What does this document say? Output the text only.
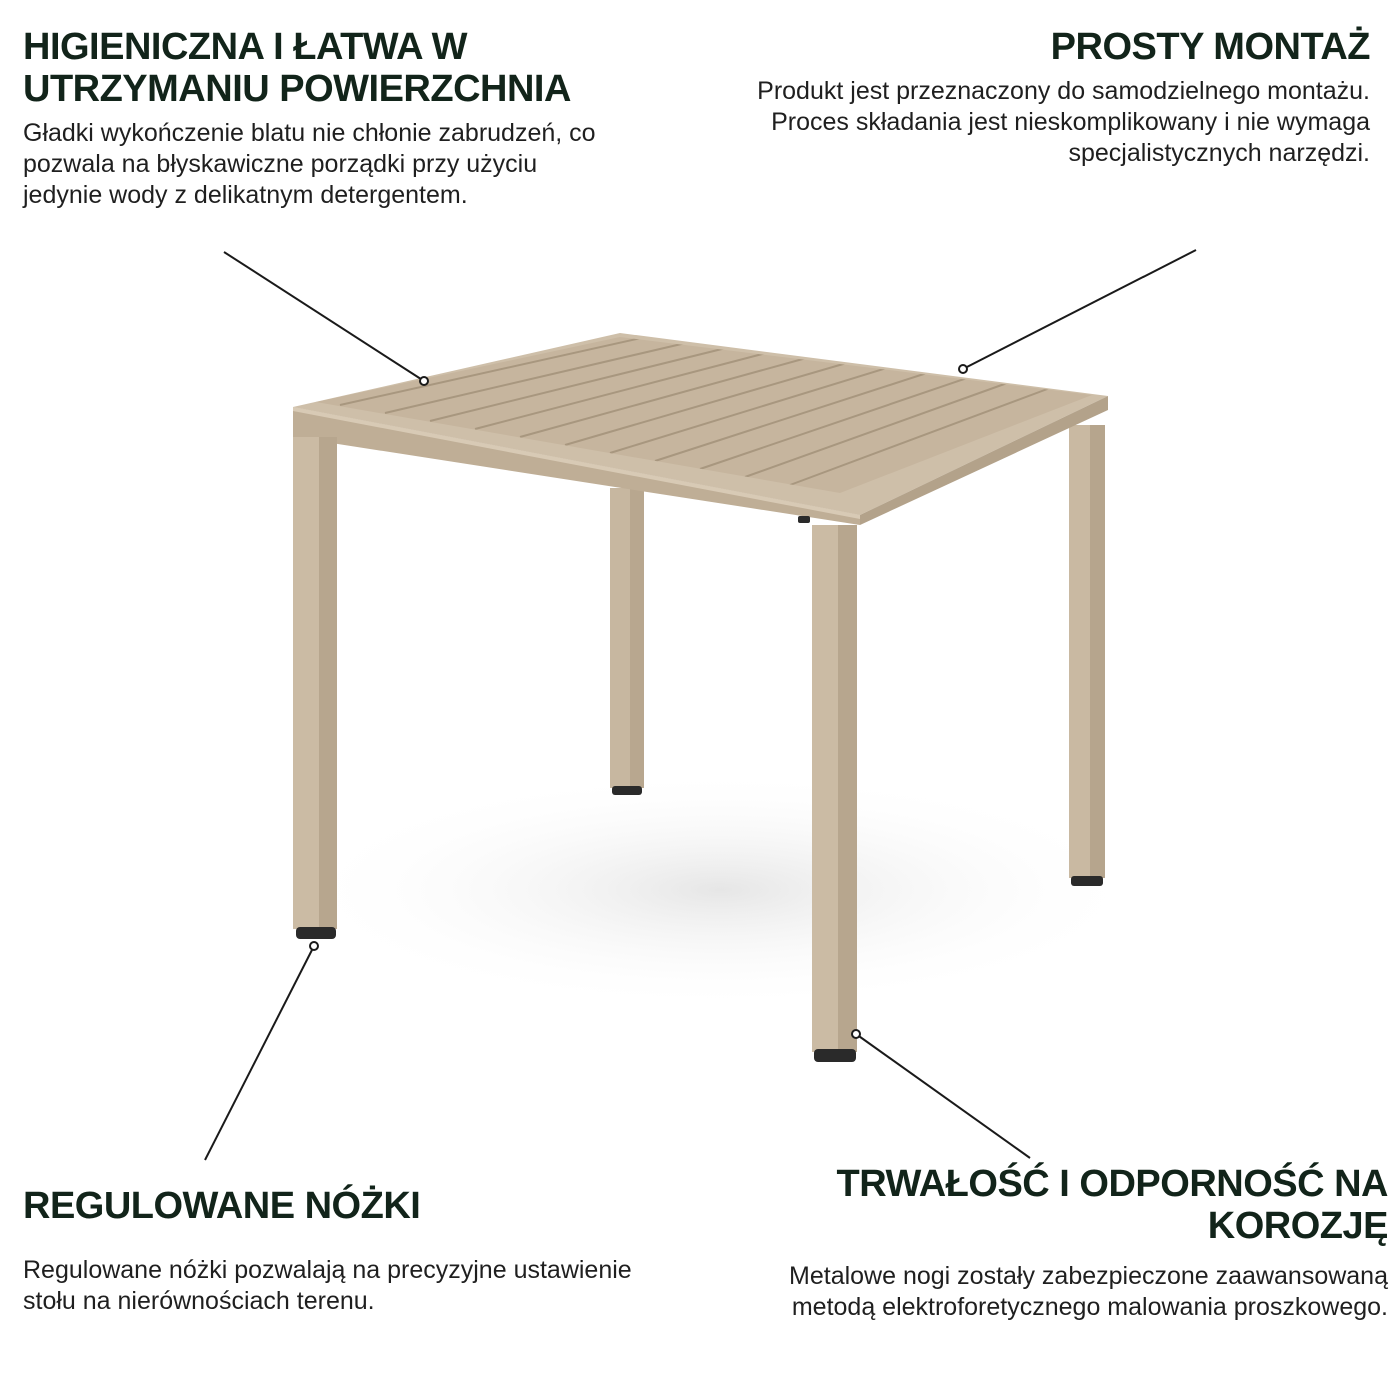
HIGIENICZNA I ŁATWA W UTRZYMANIU POWIERZCHNIA

Gładki wykończenie blatu nie chłonie zabrudzeń, co pozwala na błyskawiczne porządki przy użyciu jedynie wody z delikatnym detergentem.

PROSTY MONTAŻ

Produkt jest przeznaczony do samodzielnego montażu. Proces składania jest nieskomplikowany i nie wymaga specjalistycznych narzędzi.

REGULOWANE NÓŻKI

Regulowane nóżki pozwalają na precyzyjne ustawienie stołu na nierównościach terenu.

TRWAŁOŚĆ I ODPORNOŚĆ NA KOROZJĘ

Metalowe nogi zostały zabezpieczone zaawansowaną metodą elektroforetycznego malowania proszkowego.
